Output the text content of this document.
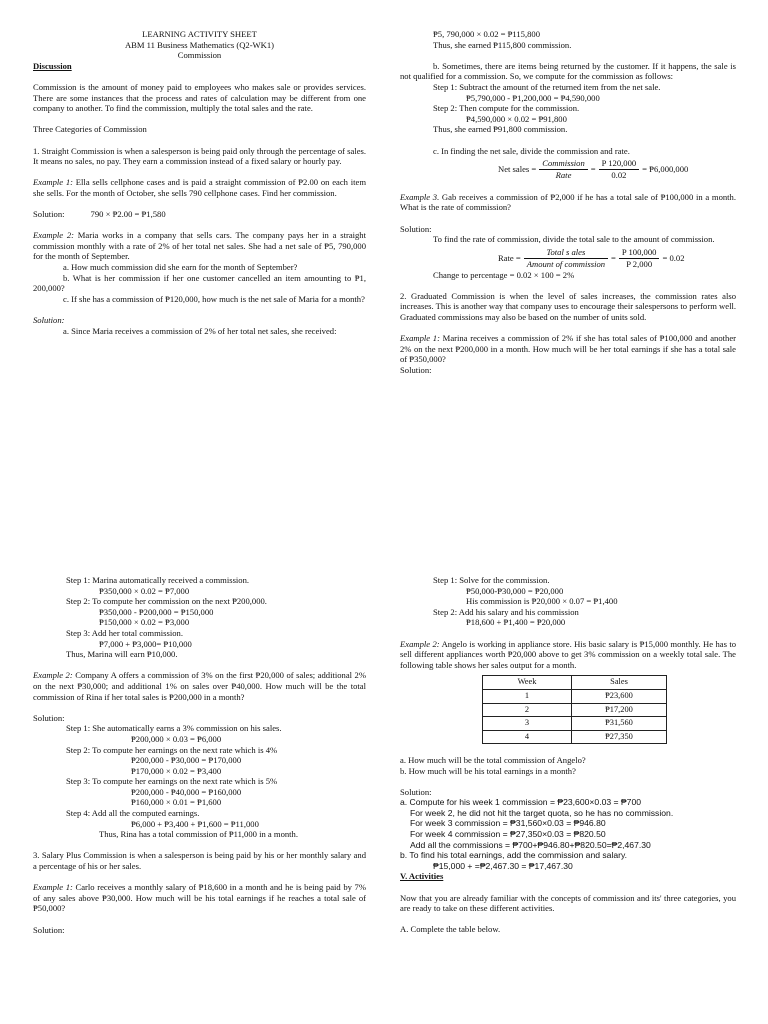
LEARNING ACTIVITY SHEET

ABM 11 Business Mathematics (Q2-WK1)

Commission

Discussion

Commission is the amount of money paid to employees who makes sale or provides services. There are some instances that the process and rates of calculation may be different from one company to another. To find the commission, multiply the total sales and the rate.

Three Categories of Commission

1. Straight Commission is when a salesperson is being paid only through the percentage of sales. It means no sales, no pay. They earn a commission instead of a fixed salary or hourly pay.

Example 1: Ella sells cellphone cases and is paid a straight commission of ₱2.00 on each item she sells. For the month of October, she sells 790 cellphone cases. Find her commission.

Solution:	790 × ₱2.00 = ₱1,580

Example 2: Maria works in a company that sells cars. The company pays her in a straight commission monthly with a rate of 2% of her total net sales. She had a net sale of ₱5, 790,000 for the month of September.

a. How much commission did she earn for the month of September?

b. What is her commission if her one customer cancelled an item amounting to ₱1, 200,000?

c. If she has a commission of ₱120,000, how much is the net sale of Maria for a month?

Solution:

a. Since Maria receives a commission of 2% of her total net sales, she received:

₱5, 790,000 × 0.02 = ₱115,800

Thus, she earned ₱115,800 commission.

b. Sometimes, there are items being returned by the customer. If it happens, the sale is not qualified for a commission. So, we compute for the commission as follows:

Step 1: Subtract the amount of the returned item from the net sale.

₱5,790,000 - ₱1,200,000 = ₱4,590,000

Step 2: Then compute for the commission.

₱4,590,000 × 0.02 = ₱91,800

Thus, she earned ₱91,800 commission.

c. In finding the net sale, divide the commission and rate.

Net sales = $\frac{\text{Commission}}{\text{Rate}} = \frac{P 120,000}{0.02}$ = ₱6,000,000

Example 3. Gab receives a commission of ₱2,000 if he has a total sale of ₱100,000 in a month. What is the rate of commission?

Solution:

To find the rate of commission, divide the total sale to the amount of commission.

Rate = $\frac{\text{Total s ales}}{\text{Amount of commission}} = \frac{P 100,000}{P 2,000} = 0.02$

Change to percentage = 0.02 × 100 = 2%

2. Graduated Commission is when the level of sales increases, the commission rates also increases. This is another way that company uses to encourage their salespersons to perform well. Graduated commissions may also be based on the number of units sold.

Example 1: Marina receives a commission of 2% if she has total sales of ₱100,000 and another 2% on the next ₱200,000 in a month. How much will be her total earnings if she has a total sale of ₱350,000?

Solution:

Step 1: Marina automatically received a commission.

₱350,000 × 0.02 = ₱7,000

Step 2: To compute her commission on the next ₱200,000.

₱350,000 - ₱200,000 = ₱150,000

₱150,000 × 0.02 = ₱3,000

Step 3: Add her total commission.

₱7,000 + ₱3,000= ₱10,000

Thus, Marina will earn ₱10,000.

Example 2: Company A offers a commission of 3% on the first ₱20,000 of sales; additional 2% on the next ₱30,000; and additional 1% on sales over ₱40,000. How much will be the total commission of Rina if her total sales is ₱200,000 in a month?

Solution:

Step 1: She automatically earns a 3% commission on his sales.

₱200,000 × 0.03 = ₱6,000

Step 2: To compute her earnings on the next rate which is 4%

₱200,000 - ₱30,000 = ₱170,000

₱170,000 × 0.02 = ₱3,400

Step 3: To compute her earnings on the next rate which is 5%

₱200,000 - ₱40,000 = ₱160,000

₱160,000 × 0.01 = ₱1,600

Step 4: Add all the computed earnings.

₱6,000 + ₱3,400 + ₱1,600 = ₱11,000

Thus, Rina has a total commission of ₱11,000 in a month.

3. Salary Plus Commission is when a salesperson is being paid by his or her monthly salary and a percentage of his or her sales.

Example 1: Carlo receives a monthly salary of ₱18,600 in a month and he is being paid by 7% of any sales above ₱30,000. How much will be his total earnings if he reaches a total sale of ₱50,000?

Solution:

Step 1: Solve for the commission.

₱50,000-₱30,000 = ₱20,000

His commission is ₱20,000 × 0.07 = ₱1,400

Step 2: Add his salary and his commission

₱18,600 + ₱1,400 = ₱20,000

Example 2: Angelo is working in appliance store. His basic salary is ₱15,000 monthly. He has to sell different appliances worth ₱20,000 above to get 3% commission on a weekly total sale. The following table shows her sales output for a month.

Week	Sales
1	₱23,600
2	₱17,200
3	₱31,560
4	₱27,350

a. How much will be the total commission of Angelo?

b. How much will be his total earnings in a month?

Solution:

a. Compute for his week 1 commission = ₱23,600×0.03 = ₱700

For week 2, he did not hit the target quota, so he has no commission.

For week 3 commission = ₱31,560×0.03 = ₱946.80

For week 4 commission = ₱27,350×0.03 = ₱820.50

Add all the commissions = ₱700+₱946.80+₱820.50=₱2,467.30

b. To find his total earnings, add the commission and salary.

₱15,000 + =₱2,467.30 = ₱17,467.30

V. Activities

Now that you are already familiar with the concepts of commission and its' three categories, you are ready to take on these different activities.

A. Complete the table below.
